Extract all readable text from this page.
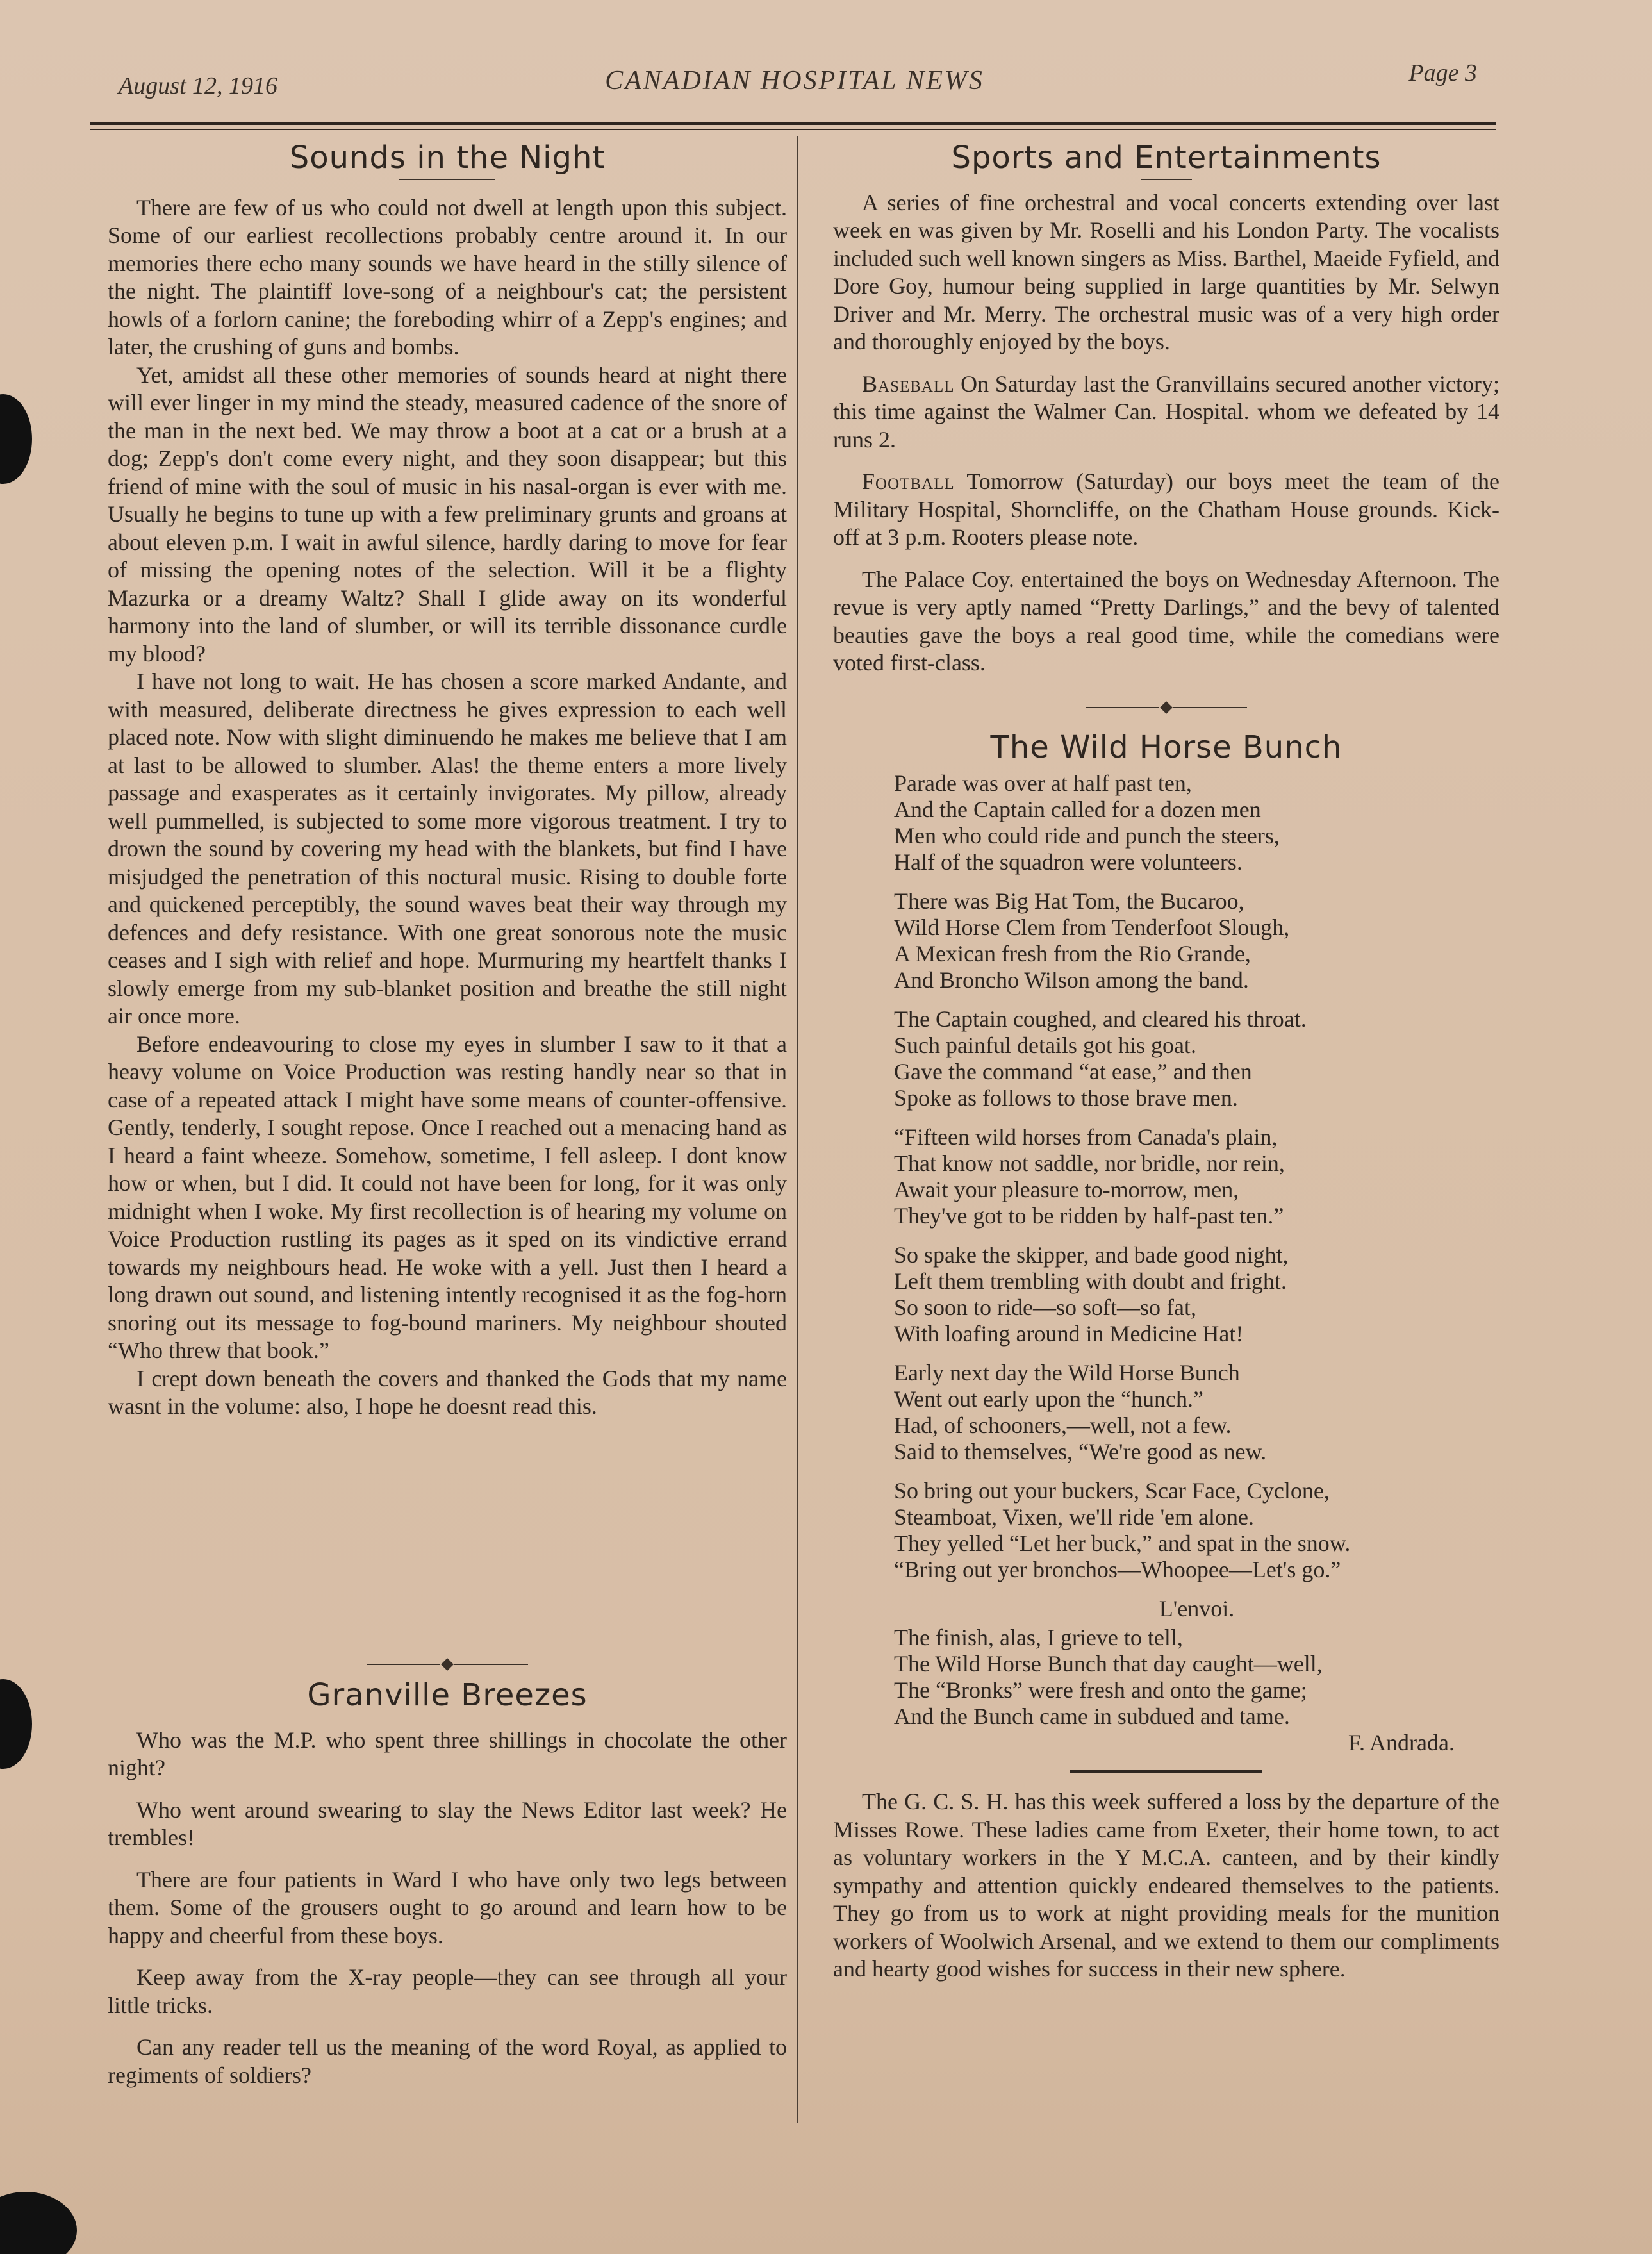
August 12, 1916	CANADIAN HOSPITAL NEWS	Page 3
Sounds in the Night

There are few of us who could not dwell at length upon this subject. Some of our earliest recollections probably centre around it. In our memories there echo many sounds we have heard in the stilly silence of the night. The plaintiff love-song of a neighbour's cat; the persistent howls of a forlorn canine; the foreboding whirr of a Zepp's engines; and later, the crushing of guns and bombs.

Yet, amidst all these other memories of sounds heard at night there will ever linger in my mind the steady, measured cadence of the snore of the man in the next bed. We may throw a boot at a cat or a brush at a dog; Zepp's don't come every night, and they soon disappear; but this friend of mine with the soul of music in his nasal-organ is ever with me. Usually he begins to tune up with a few preliminary grunts and groans at about eleven p.m. I wait in awful silence, hardly daring to move for fear of missing the opening notes of the selection. Will it be a flighty Mazurka or a dreamy Waltz? Shall I glide away on its wonderful harmony into the land of slumber, or will its terrible dissonance curdle my blood?

I have not long to wait. He has chosen a score marked Andante, and with measured, deliberate directness he gives expression to each well placed note. Now with slight diminuendo he makes me believe that I am at last to be allowed to slumber. Alas! the theme enters a more lively passage and exasperates as it certainly invigorates. My pillow, already well pummelled, is subjected to some more vigorous treatment. I try to drown the sound by covering my head with the blankets, but find I have misjudged the penetration of this noctural music. Rising to double forte and quickened perceptibly, the sound waves beat their way through my defences and defy resistance. With one great sonorous note the music ceases and I sigh with relief and hope. Murmuring my heartfelt thanks I slowly emerge from my sub-blanket position and breathe the still night air once more.

Before endeavouring to close my eyes in slumber I saw to it that a heavy volume on Voice Production was resting handly near so that in case of a repeated attack I might have some means of counter-offensive. Gently, tenderly, I sought repose. Once I reached out a menacing hand as I heard a faint wheeze. Somehow, sometime, I fell asleep. I dont know how or when, but I did. It could not have been for long, for it was only midnight when I woke. My first recollection is of hearing my volume on Voice Production rustling its pages as it sped on its vindictive errand towards my neighbours head. He woke with a yell. Just then I heard a long drawn out sound, and listening intently recognised it as the fog-horn snoring out its message to fog-bound mariners. My neighbour shouted “Who threw that book.”

I crept down beneath the covers and thanked the Gods that my name wasnt in the volume: also, I hope he doesnt read this.

Granville Breezes

Who was the M.P. who spent three shillings in chocolate the other night?

Who went around swearing to slay the News Editor last week? He trembles!

There are four patients in Ward I who have only two legs between them. Some of the grousers ought to go around and learn how to be happy and cheerful from these boys.

Keep away from the X-ray people—they can see through all your little tricks.

Can any reader tell us the meaning of the word Royal, as applied to regiments of soldiers?

Sports and Entertainments

A series of fine orchestral and vocal concerts extending over last week en was given by Mr. Roselli and his London Party. The vocalists included such well known singers as Miss. Barthel, Maeide Fyfield, and Dore Goy, humour being supplied in large quantities by Mr. Selwyn Driver and Mr. Merry. The orchestral music was of a very high order and thoroughly enjoyed by the boys.

Baseball On Saturday last the Granvillains secured another victory; this time against the Walmer Can. Hospital. whom we defeated by 14 runs 2.

Football Tomorrow (Saturday) our boys meet the team of the Military Hospital, Shorncliffe, on the Chatham House grounds. Kick-off at 3 p.m. Rooters please note.

The Palace Coy. entertained the boys on Wednesday Afternoon. The revue is very aptly named “Pretty Darlings,” and the bevy of talented beauties gave the boys a real good time, while the comedians were voted first-class.

The Wild Horse Bunch
Parade was over at half past ten,
And the Captain called for a dozen men
Men who could ride and punch the steers,
Half of the squadron were volunteers.
There was Big Hat Tom, the Bucaroo,
Wild Horse Clem from Tenderfoot Slough,
A Mexican fresh from the Rio Grande,
And Broncho Wilson among the band.
The Captain coughed, and cleared his throat.
Such painful details got his goat.
Gave the command “at ease,” and then
Spoke as follows to those brave men.
“Fifteen wild horses from Canada's plain,
That know not saddle, nor bridle, nor rein,
Await your pleasure to-morrow, men,
They've got to be ridden by half-past ten.”
So spake the skipper, and bade good night,
Left them trembling with doubt and fright.
So soon to ride—so soft—so fat,
With loafing around in Medicine Hat!
Early next day the Wild Horse Bunch
Went out early upon the “hunch.”
Had, of schooners,—well, not a few.
Said to themselves, “We're good as new.
So bring out your buckers, Scar Face, Cyclone,
Steamboat, Vixen, we'll ride 'em alone.
They yelled “Let her buck,” and spat in the snow.
“Bring out yer bronchos—Whoopee—Let's go.”
L'envoi.
The finish, alas, I grieve to tell,
The Wild Horse Bunch that day caught—well,
The “Bronks” were fresh and onto the game;
And the Bunch came in subdued and tame.
F. Andrada.

The G. C. S. H. has this week suffered a loss by the departure of the Misses Rowe. These ladies came from Exeter, their home town, to act as voluntary workers in the Y M.C.A. canteen, and by their kindly sympathy and attention quickly endeared themselves to the patients. They go from us to work at night providing meals for the munition workers of Woolwich Arsenal, and we extend to them our compliments and hearty good wishes for success in their new sphere.
